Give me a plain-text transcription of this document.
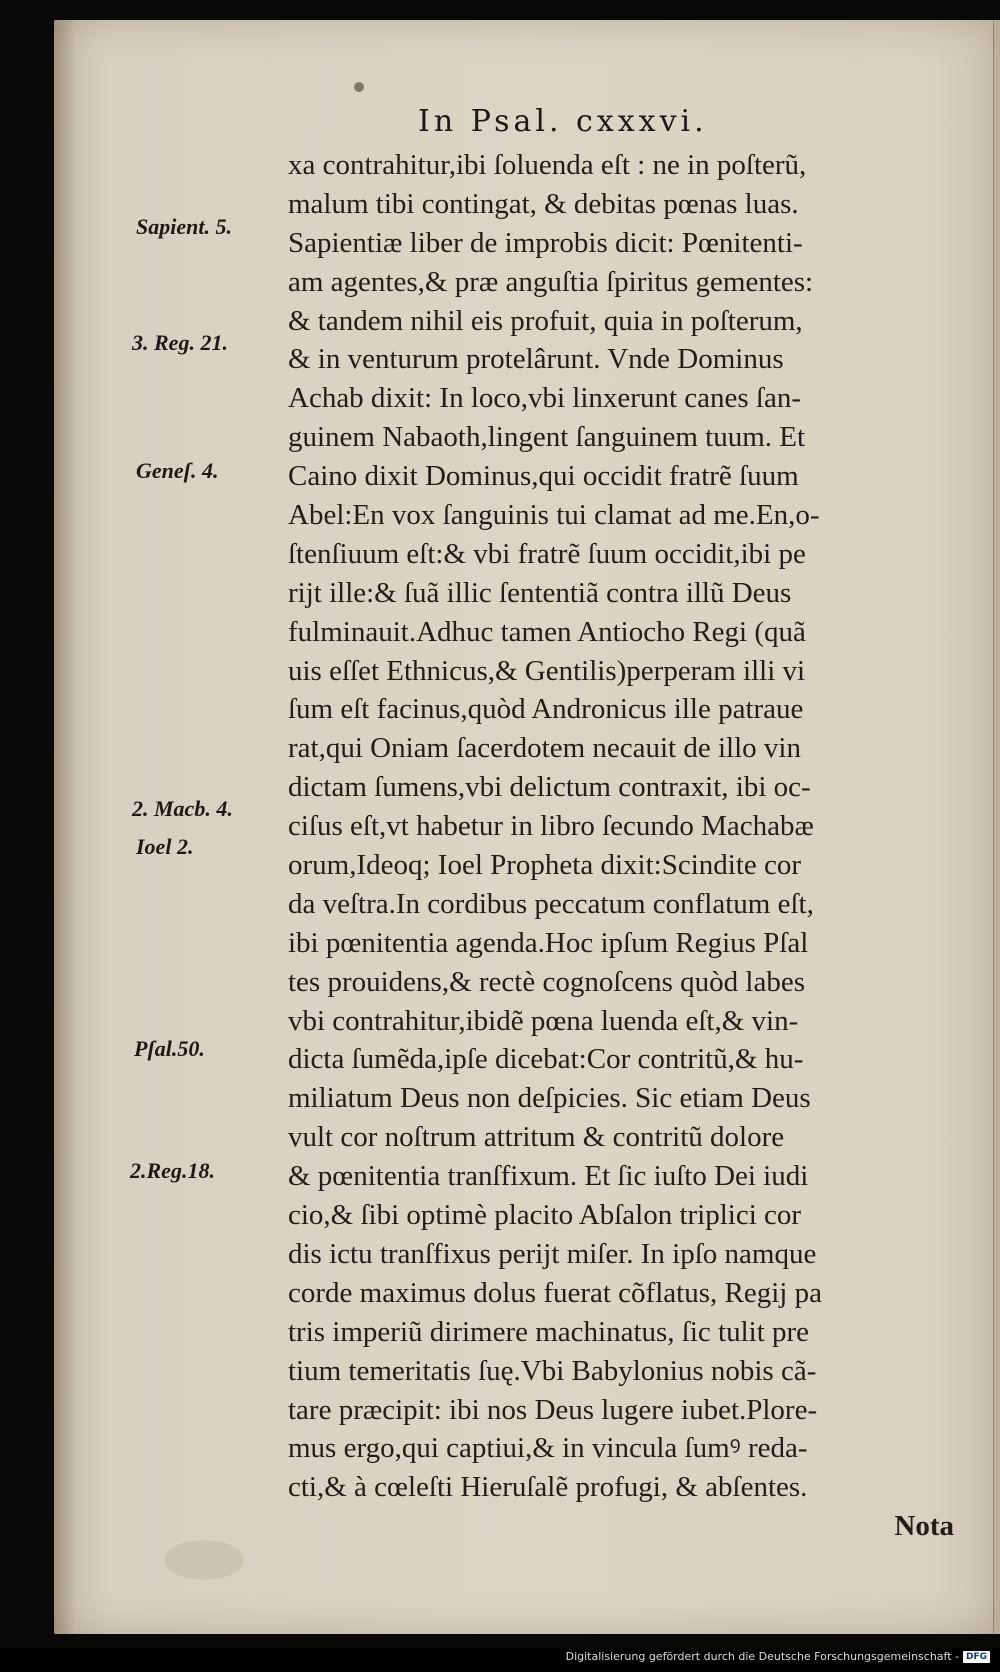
In Psal. cxxxvi.

Sapient. 5.

3. Reg. 21.

Geneſ. 4.

2. Macb. 4.

Ioel 2.

Pſal.50.

2.Reg.18.

xa contrahitur,ibi ſoluenda eſt : ne in poſterũ,
malum tibi contingat, & debitas pœnas luas.
Sapientiæ liber de improbis dicit: Pœnitenti-
am agentes,& præ anguſtia ſpiritus gementes:
& tandem nihil eis profuit, quia in poſterum,
& in venturum protelârunt. Vnde Dominus
Achab dixit: In loco,vbi linxerunt canes ſan-
guinem Nabaoth,lingent ſanguinem tuum. Et
Caino dixit Dominus,qui occidit fratrẽ ſuum
Abel:En vox ſanguinis tui clamat ad me.En,o-
ſtenſiuum eſt:& vbi fratrẽ ſuum occidit,ibi pe
rijt ille:& ſuã illic ſententiã contra illũ Deus
fulminauit.Adhuc tamen Antiocho Regi (quã
uis eſſet Ethnicus,& Gentilis)perperam illi vi
ſum eſt facinus,quòd Andronicus ille patraue
rat,qui Oniam ſacerdotem necauit de illo vin
dictam ſumens,vbi delictum contraxit, ibi oc-
ciſus eſt,vt habetur in libro ſecundo Machabæ
orum,Ideoq; Ioel Propheta dixit:Scindite cor
da veſtra.In cordibus peccatum conflatum eſt,
ibi pœnitentia agenda.Hoc ipſum Regius Pſal
tes prouidens,& rectè cognoſcens quòd labes
vbi contrahitur,ibidẽ pœna luenda eſt,& vin-
dicta ſumẽda,ipſe dicebat:Cor contritũ,& hu-
miliatum Deus non deſpicies. Sic etiam Deus
vult cor noſtrum attritum & contritũ dolore
& pœnitentia tranſfixum. Et ſic iuſto Dei iudi
cio,& ſibi optimè placito Abſalon triplici cor
dis ictu tranſfixus perijt miſer. In ipſo namque
corde maximus dolus fuerat cõflatus, Regij pa
tris imperiũ dirimere machinatus, ſic tulit pre
tium temeritatis ſuę.Vbi Babylonius nobis cã-
tare præcipit: ibi nos Deus lugere iubet.Plore-
mus ergo,qui captiui,& in vincula ſumꝰ reda-
cti,& à cœleſti Hieruſalẽ profugi, & abſentes.
Nota

Digitalisierung gefördert durch die Deutsche Forschungsgemeinschaft - DFG
